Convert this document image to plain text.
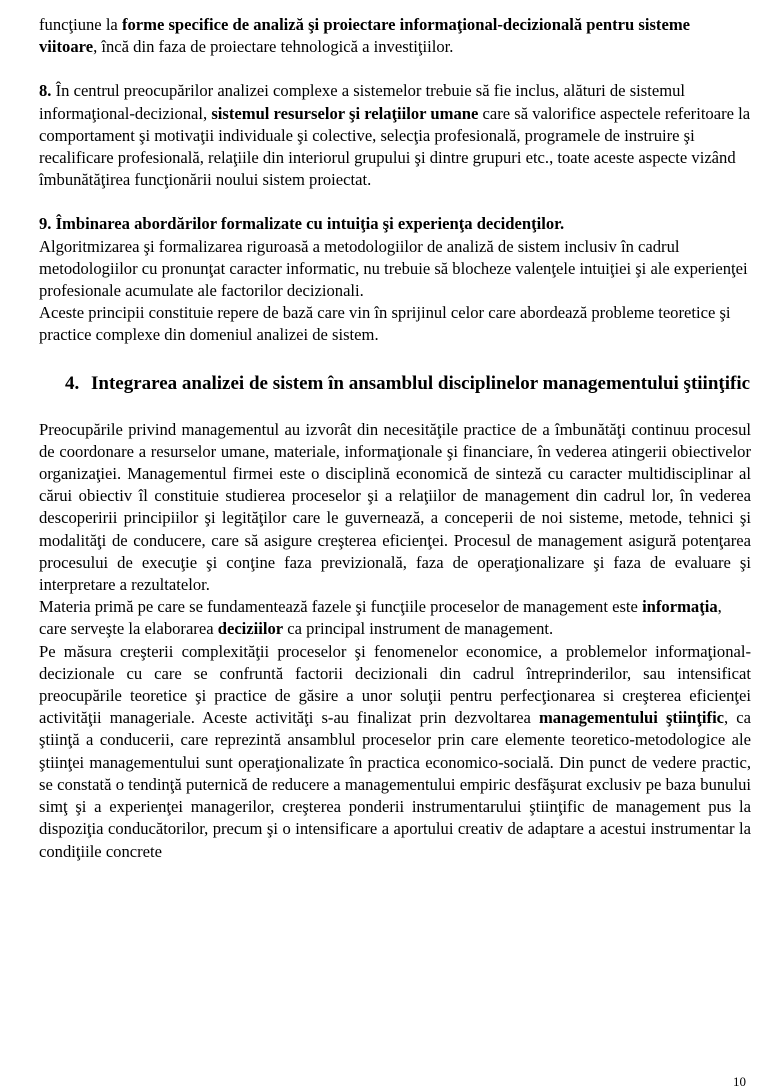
funcţiune la forme specifice de analiză şi proiectare informaţional-decizională pentru sisteme viitoare, încă din faza de proiectare tehnologică a investiţiilor.

8. În centrul preocupărilor analizei complexe a sistemelor trebuie să fie inclus, alături de sistemul informaţional-decizional, sistemul resurselor şi relaţiilor umane care să valorifice aspectele referitoare la comportament şi motivaţii individuale şi colective, selecţia profesională, programele de instruire şi recalificare profesională, relaţiile din interiorul grupului şi dintre grupuri etc., toate aceste aspecte vizând îmbunătăţirea funcţionării noului sistem proiectat.

9. Îmbinarea abordărilor formalizate cu intuiţia şi experienţa decidenţilor.

Algoritmizarea şi formalizarea riguroasă a metodologiilor de analiză de sistem inclusiv în cadrul metodologiilor cu pronunţat caracter informatic, nu trebuie să blocheze valenţele intuiţiei şi ale experienţei profesionale acumulate ale factorilor decizionali.

Aceste principii constituie repere de bază care vin în sprijinul celor care abordează probleme teoretice şi practice complexe din domeniul analizei de sistem.

4. Integrarea analizei de sistem în ansamblul disciplinelor managementului ştiinţific

Preocupările privind managementul au izvorât din necesităţile practice de a îmbunătăţi continuu procesul de coordonare a resurselor umane, materiale, informaţionale şi financiare, în vederea atingerii obiectivelor organizaţiei. Managementul firmei este o disciplină economică de sinteză cu caracter multidisciplinar al cărui obiectiv îl constituie studierea proceselor şi a relaţiilor de management din cadrul lor, în vederea descoperirii principiilor şi legităţilor care le guvernează, a conceperii de noi sisteme, metode, tehnici şi modalităţi de conducere, care să asigure creşterea eficienţei. Procesul de management asigură potenţarea procesului de execuţie şi conţine faza previzională, faza de operaţionalizare şi faza de evaluare şi interpretare a rezultatelor.

Materia primă pe care se fundamentează fazele şi funcţiile proceselor de management este informaţia, care serveşte la elaborarea deciziilor ca principal instrument de management.

Pe măsura creşterii complexităţii proceselor şi fenomenelor economice, a problemelor informaţional-decizionale cu care se confruntă factorii decizionali din cadrul întreprinderilor, sau intensificat preocupările teoretice şi practice de găsire a unor soluţii pentru perfecţionarea si creşterea eficienţei activităţii manageriale. Aceste activităţi s-au finalizat prin dezvoltarea managementului ştiinţific, ca ştiinţă a conducerii, care reprezintă ansamblul proceselor prin care elemente teoretico-metodologice ale ştiinţei managementului sunt operaţionalizate în practica economico-socială. Din punct de vedere practic, se constată o tendinţă puternică de reducere a managementului empiric desfăşurat exclusiv pe baza bunului simţ şi a experienţei managerilor, creşterea ponderii instrumentarului ştiinţific de management pus la dispoziţia conducătorilor, precum şi o intensificare a aportului creativ de adaptare a acestui instrumentar la condiţiile concrete

10
